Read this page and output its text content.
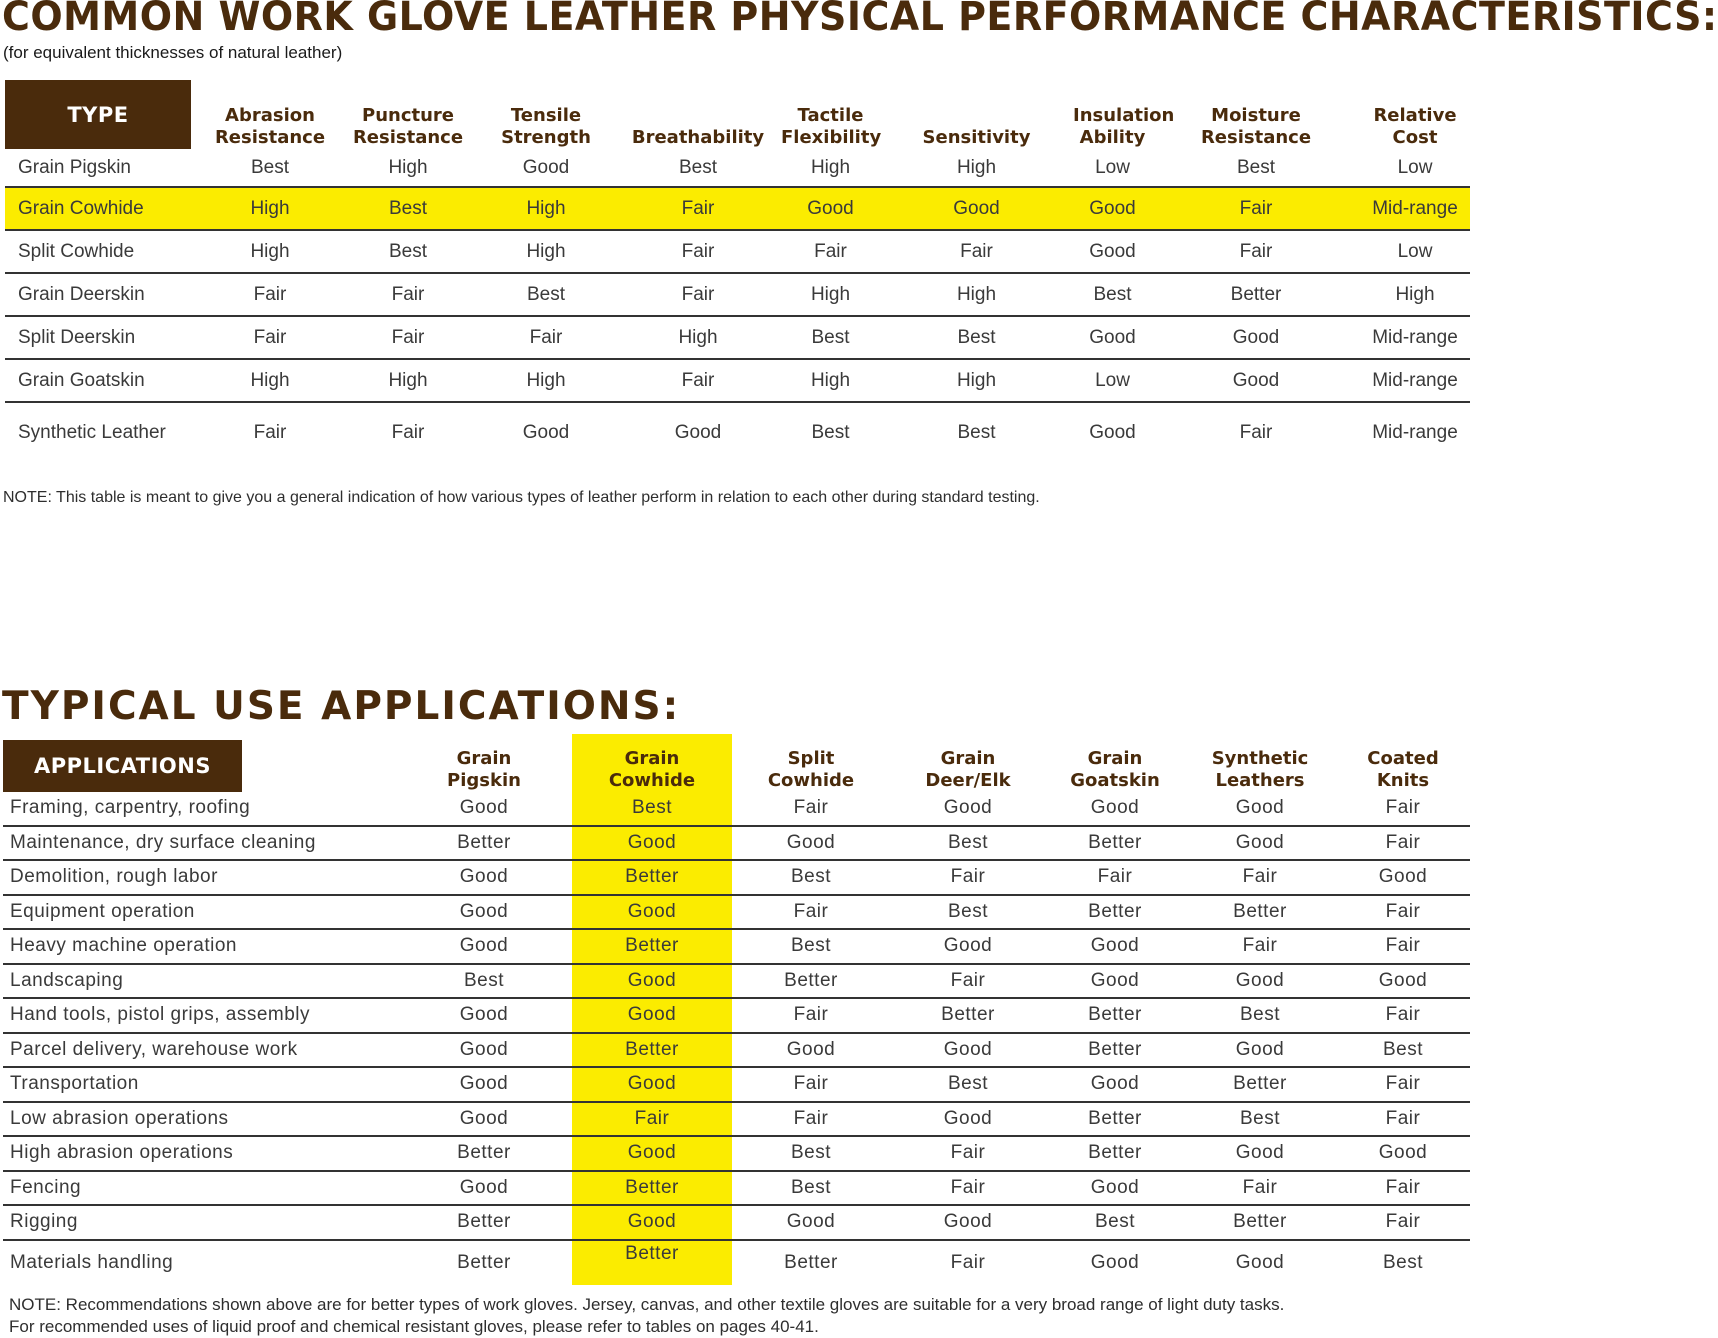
COMMON WORK GLOVE LEATHER PHYSICAL PERFORMANCE CHARACTERISTICS:
(for equivalent thicknesses of natural leather)
TYPE	Abrasion Resistance	Puncture Resistance	Tensile Strength	Breathability	Tactile Flexibility	Sensitivity	Insulation Ability	Moisture Resistance	Relative Cost
Grain Pigskin	Best	High	Good	Best	High	High	Low	Best	Low
Grain Cowhide	High	Best	High	Fair	Good	Good	Good	Fair	Mid-range
Split Cowhide	High	Best	High	Fair	Fair	Fair	Good	Fair	Low
Grain Deerskin	Fair	Fair	Best	Fair	High	High	Best	Better	High
Split Deerskin	Fair	Fair	Fair	High	Best	Best	Good	Good	Mid-range
Grain Goatskin	High	High	High	Fair	High	High	Low	Good	Mid-range
Synthetic Leather	Fair	Fair	Good	Good	Best	Best	Good	Fair	Mid-range
NOTE: This table is meant to give you a general indication of how various types of leather perform in relation to each other during standard testing.
TYPICAL USE APPLICATIONS:
APPLICATIONS	Grain Pigskin	Grain Cowhide	Split Cowhide	Grain Deer/Elk	Grain Goatskin	Synthetic Leathers	Coated Knits
Framing, carpentry, roofing	Good	Best	Fair	Good	Good	Good	Fair
Maintenance, dry surface cleaning	Better	Good	Good	Best	Better	Good	Fair
Demolition, rough labor	Good	Better	Best	Fair	Fair	Fair	Good
Equipment operation	Good	Good	Fair	Best	Better	Better	Fair
Heavy machine operation	Good	Better	Best	Good	Good	Fair	Fair
Landscaping	Best	Good	Better	Fair	Good	Good	Good
Hand tools, pistol grips, assembly	Good	Good	Fair	Better	Better	Best	Fair
Parcel delivery, warehouse work	Good	Better	Good	Good	Better	Good	Best
Transportation	Good	Good	Fair	Best	Good	Better	Fair
Low abrasion operations	Good	Fair	Fair	Good	Better	Best	Fair
High abrasion operations	Better	Good	Best	Fair	Better	Good	Good
Fencing	Good	Better	Best	Fair	Good	Fair	Fair
Rigging	Better	Good	Good	Good	Best	Better	Fair
Materials handling	Better	Better	Better	Fair	Good	Good	Best
NOTE: Recommendations shown above are for better types of work gloves. Jersey, canvas, and other textile gloves are suitable for a very broad range of light duty tasks.
For recommended uses of liquid proof and chemical resistant gloves, please refer to tables on pages 40-41.
